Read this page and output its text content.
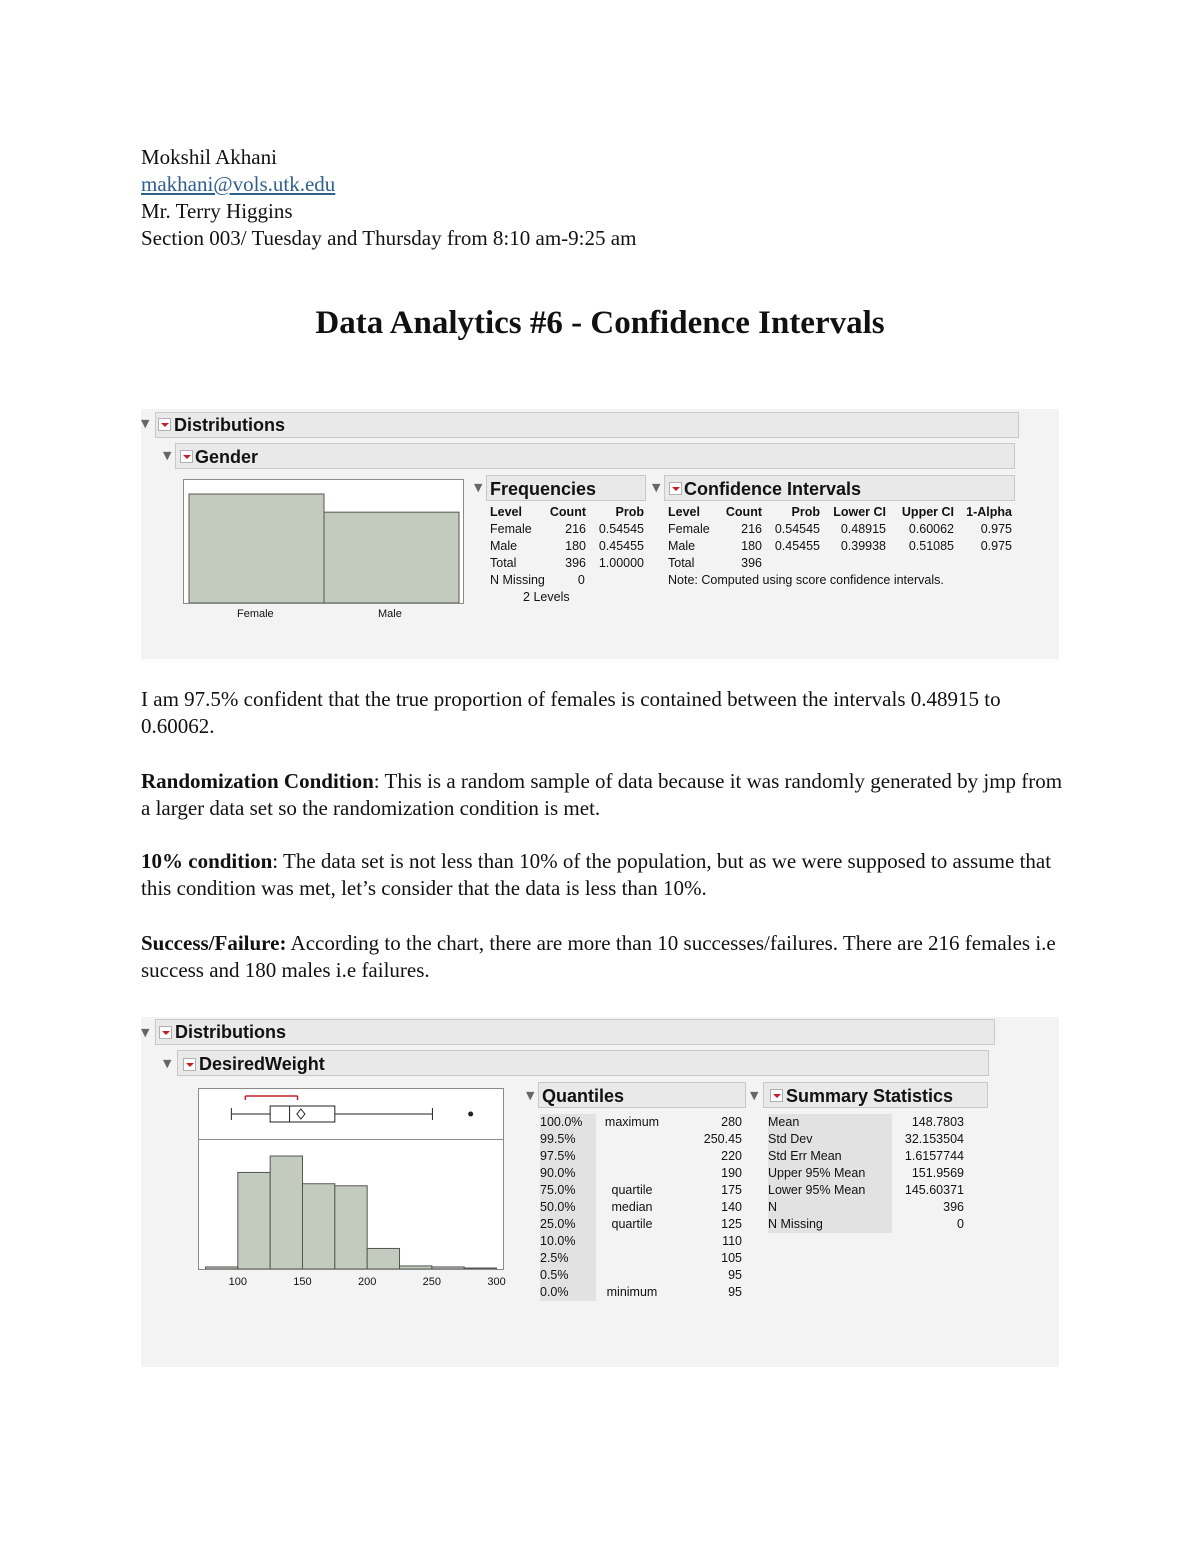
Mokshil Akhani
makhani@vols.utk.edu
Mr. Terry Higgins
Section 003/ Tuesday and Thursday from 8:10 am-9:25 am
Data Analytics #6 - Confidence Intervals
▼ Distributions
▼ Gender
Female	Male
▼ Frequencies
Level	Count	Prob
Female	216	0.54545
Male	180	0.45455
Total	396	1.00000
N Missing 0		
2 Levels		
▼ Confidence Intervals
Level	Count	Prob	Lower CI	Upper CI	1-Alpha
Female	216	0.54545	0.48915	0.60062	0.975
Male	180	0.45455	0.39938	0.51085	0.975
Total	396				
Note: Computed using score confidence intervals.					
I am 97.5% confident that the true proportion of females is contained between the intervals 0.48915 to 0.60062.
Randomization Condition: This is a random sample of data because it was randomly generated by jmp from a larger data set so the randomization condition is met.
10% condition: The data set is not less than 10% of the population, but as we were supposed to assume that this condition was met, let’s consider that the data is less than 10%.
Success/Failure: According to the chart, there are more than 10 successes/failures. There are 216 females i.e success and 180 males i.e failures.
▼ Distributions
▼ DesiredWeight
100	150	200	250	300
▼ Quantiles
100.0%	maximum	280
99.5%		250.45
97.5%		220
90.0%		190
75.0%	quartile	175
50.0%	median	140
25.0%	quartile	125
10.0%		110
2.5%		105
0.5%		95
0.0%	minimum	95
▼ Summary Statistics
Mean	148.7803
Std Dev	32.153504
Std Err Mean	1.6157744
Upper 95% Mean	151.9569
Lower 95% Mean	145.60371
N	396
N Missing	0
